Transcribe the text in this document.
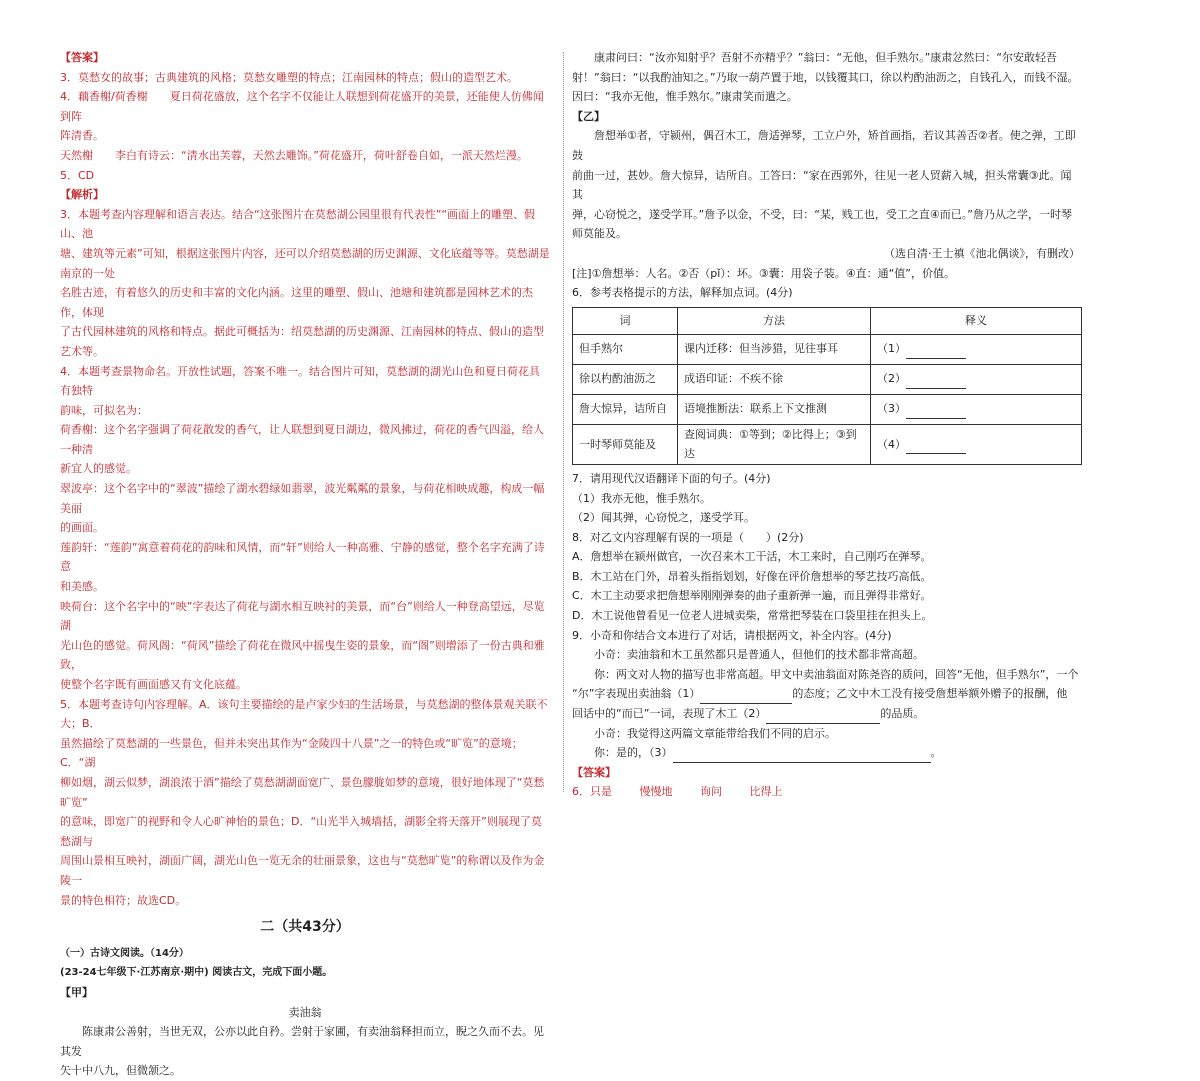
【答案】

3．莫愁女的故事；古典建筑的风格；莫愁女雕塑的特点；江南园林的特点；假山的造型艺术。

4．藕香榭/荷香榭　　夏日荷花盛放，这个名字不仅能让人联想到荷花盛开的美景，还能使人仿佛闻到阵

阵清香。

天然榭　　李白有诗云：“清水出芙蓉，天然去雕饰。”荷花盛开，荷叶舒卷自如，一派天然烂漫。

5．CD

【解析】

3．本题考查内容理解和语言表达。结合“这张图片在莫愁湖公园里很有代表性”“画面上的雕塑、假山、池

塘、建筑等元素”可知，根据这张图片内容，还可以介绍莫愁湖的历史渊源、文化底蕴等等。莫愁湖是南京的一处

名胜古迹，有着悠久的历史和丰富的文化内涵。这里的雕塑、假山、池塘和建筑都是园林艺术的杰作，体现

了古代园林建筑的风格和特点。据此可概括为：绍莫愁湖的历史渊源、江南园林的特点、假山的造型艺术等。

4．本题考查景物命名。开放性试题，答案不唯一。结合图片可知，莫愁湖的湖光山色和夏日荷花具有独特

韵味，可拟名为：

荷香榭：这个名字强调了荷花散发的香气，让人联想到夏日湖边，微风拂过，荷花的香气四溢，给人一种清

新宜人的感觉。

翠波亭：这个名字中的“翠波”描绘了湖水碧绿如翡翠，波光粼粼的景象，与荷花相映成趣，构成一幅美丽

的画面。

莲韵轩：“莲韵”寓意着荷花的韵味和风情，而“轩”则给人一种高雅、宁静的感觉，整个名字充满了诗意

和美感。

映荷台：这个名字中的“映”字表达了荷花与湖水相互映衬的美景，而“台”则给人一种登高望远，尽览湖

光山色的感觉。荷风阁：“荷风”描绘了荷花在微风中摇曳生姿的景象，而“阁”则增添了一份古典和雅致，

使整个名字既有画面感又有文化底蕴。

5．本题考查诗句内容理解。A．该句主要描绘的是卢家少妇的生活场景，与莫愁湖的整体景观关联不大；B．

虽然描绘了莫愁湖的一些景色，但并未突出其作为“金陵四十八景”之一的特色或“旷览”的意境；C．“湖

柳如烟，湖云似梦，湖浪浓于酒”描绘了莫愁湖湖面宽广、景色朦胧如梦的意境，很好地体现了“莫愁旷览”

的意味，即宽广的视野和令人心旷神怡的景色；D．“山光半入城墙括，湖影全将天落开”则展现了莫愁湖与

周围山景相互映衬，湖面广阔，湖光山色一览无余的壮丽景象，这也与“莫愁旷览”的称谓以及作为金陵一

景的特色相符；故选CD。

二（共43分）

（一）古诗文阅读。（14分）

(23-24七年级下·江苏南京·期中) 阅读古文，完成下面小题。

【甲】

卖油翁

陈康肃公善射，当世无双，公亦以此自矜。尝射于家圃，有卖油翁释担而立，睨之久而不去。见其发

矢十中八九，但微颔之。

康肃问曰：“汝亦知射乎？吾射不亦精乎？”翁曰：“无他，但手熟尔。”康肃忿然曰：“尔安敢轻吾

射！”翁曰：“以我酌油知之。”乃取一葫芦置于地，以钱覆其口，徐以杓酌油沥之，自钱孔入，而钱不湿。

因曰：“我亦无他，惟手熟尔。”康肃笑而遣之。

【乙】

詹想举①者，守颍州，偶召木工，詹适弹琴，工立户外，矫首画指，若议其善否②者。使之弹，工即鼓

前曲一过，甚妙。詹大惊异，诘所自。工答曰：“家在西郭外，往见一老人贸薪入城，担头常囊③此。闻其

弹，心窃悦之，遂受学耳。”詹予以金，不受，曰：“某，贱工也，受工之直④而已。”詹乃从之学，一时琴

师莫能及。

（选自清·王士禛《池北偶谈》，有删改）

[注]①詹想举：人名。②否（pǐ）：坏。③囊：用袋子装。④直：通“值”，价值。

6．参考表格提示的方法，解释加点词。(4分)

词	方法	释义
但手熟尔	课内迁移：但当涉猎，见往事耳	（1）
徐以杓酌油沥之	成语印证：不疾不徐	（2）
詹大惊异，诘所自	语境推断法：联系上下文推测	（3）
一时琴师莫能及	查阅词典：①等到；②比得上；③到达	（4）

7．请用现代汉语翻译下面的句子。(4分)

（1）我亦无他，惟手熟尔。

（2）闻其弹，心窃悦之，遂受学耳。

8．对乙文内容理解有误的一项是（　　）(2分)

A．詹想举在颍州做官，一次召来木工干活，木工来时，自己刚巧在弹琴。

B．木工站在门外，昂着头指指划划，好像在评价詹想举的琴艺技巧高低。

C．木工主动要求把詹想举刚刚弹奏的曲子重新弹一遍，而且弹得非常好。

D．木工说他曾看见一位老人进城卖柴，常常把琴装在口袋里挂在担头上。

9．小奇和你结合文本进行了对话，请根据两文，补全内容。(4分)

小奇：卖油翁和木工虽然都只是普通人，但他们的技术都非常高超。

你：两文对人物的描写也非常高超。甲文中卖油翁面对陈尧咨的质问，回答“无他，但手熟尔”，一个

“尔”字表现出卖油翁（1）	的态度；乙文中木工没有接受詹想举额外赠予的报酬，他

回话中的“而已”一词，表现了木工（2）	的品质。

小奇：我觉得这两篇文章能带给我们不同的启示。

你：是的，（3）	。

【答案】

6．只是	慢慢地	询问	比得上
